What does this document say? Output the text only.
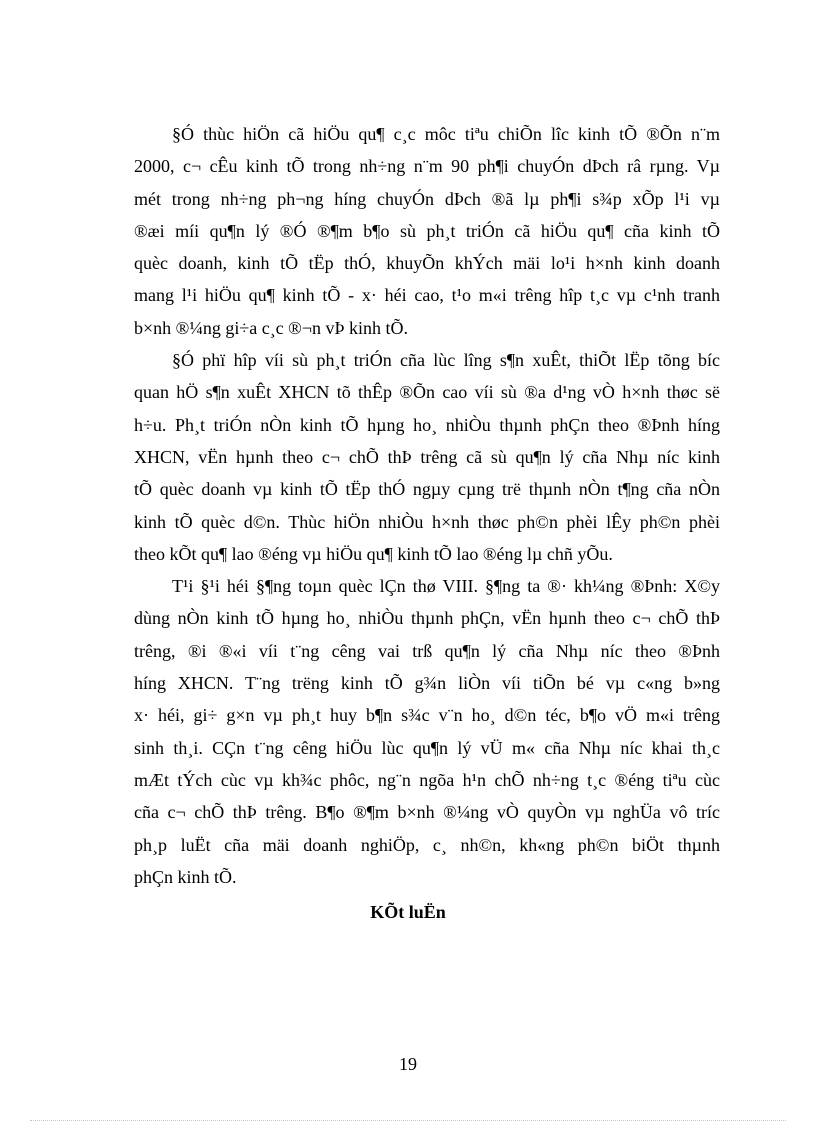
§Ó thùc hiÖn cã hiÖu qu¶ c¸c môc tiªu chiÕn lîc kinh tÕ ®Õn n¨m
2000, c¬ cÊu kinh tÕ trong nh÷ng n¨m 90 ph¶i chuyÓn dÞch râ rµng. Vµ
mét trong nh÷ng ph¬ng híng chuyÓn dÞch ®ã lµ ph¶i s¾p xÕp l¹i vµ
®æi míi qu¶n lý ®Ó ®¶m b¶o sù ph¸t triÓn cã hiÖu qu¶ cña kinh tÕ
quèc doanh, kinh tÕ tËp thÓ, khuyÕn khÝch mäi lo¹i h×nh kinh doanh
mang l¹i hiÖu qu¶ kinh tÕ - x· héi cao, t¹o m«i trêng hîp t¸c vµ c¹nh tranh
b×nh ®¼ng gi÷a c¸c ®¬n vÞ kinh tÕ.
§Ó phï hîp víi sù ph¸t triÓn cña lùc lîng s¶n xuÊt, thiÕt lËp tõng bíc
quan hÖ s¶n xuÊt XHCN tõ thÊp ®Õn cao víi sù ®a d¹ng vÒ h×nh thøc së
h÷u. Ph¸t triÓn nÒn kinh tÕ hµng ho¸ nhiÒu thµnh phÇn theo ®Þnh híng
XHCN, vËn hµnh theo c¬ chÕ thÞ trêng cã sù qu¶n lý cña Nhµ níc kinh
tÕ quèc doanh vµ kinh tÕ tËp thÓ ngµy cµng trë thµnh nÒn t¶ng cña nÒn
kinh tÕ quèc d©n. Thùc hiÖn nhiÒu h×nh thøc ph©n phèi lÊy ph©n phèi
theo kÕt qu¶ lao ®éng vµ hiÖu qu¶ kinh tÕ lao ®éng lµ chñ yÕu.
T¹i §¹i héi §¶ng toµn quèc lÇn thø VIII. §¶ng ta ®· kh¼ng ®Þnh: X©y
dùng nÒn kinh tÕ hµng ho¸ nhiÒu thµnh phÇn, vËn hµnh theo c¬ chÕ thÞ
trêng, ®i ®«i víi t¨ng cêng vai trß qu¶n lý cña Nhµ níc theo ®Þnh
híng XHCN. T¨ng trëng kinh tÕ g¾n liÒn víi tiÕn bé vµ c«ng b»ng
x· héi, gi÷ g×n vµ ph¸t huy b¶n s¾c v¨n ho¸ d©n téc, b¶o vÖ m«i trêng
sinh th¸i. CÇn t¨ng cêng hiÖu lùc qu¶n lý vÜ m« cña Nhµ níc khai th¸c
mÆt tÝch cùc vµ kh¾c phôc, ng¨n ngõa h¹n chÕ nh÷ng t¸c ®éng tiªu cùc
cña c¬ chÕ thÞ trêng. B¶o ®¶m b×nh ®¼ng vÒ quyÒn vµ nghÜa vô tríc
ph¸p luËt cña mäi doanh nghiÖp, c¸ nh©n, kh«ng ph©n biÖt thµnh
phÇn kinh tÕ.
KÕt luËn
19
